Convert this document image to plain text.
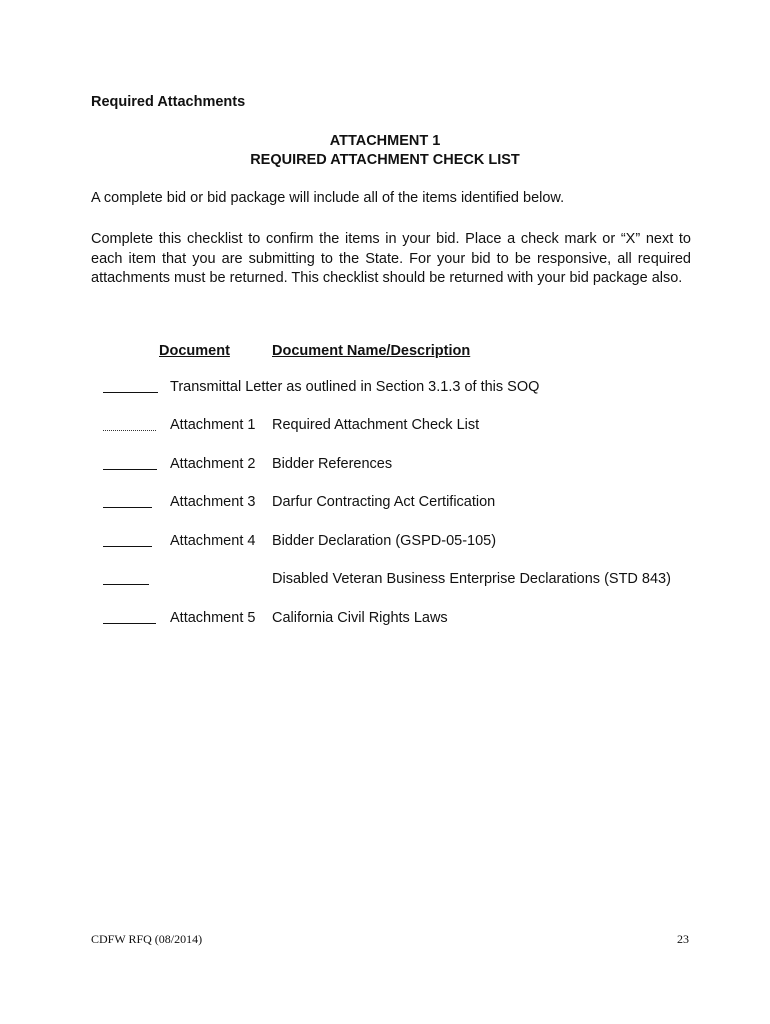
Required Attachments
ATTACHMENT 1
REQUIRED ATTACHMENT CHECK LIST
A complete bid or bid package will include all of the items identified below.
Complete this checklist to confirm the items in your bid. Place a check mark or “X” next to each item that you are submitting to the State. For your bid to be responsive, all required attachments must be returned. This checklist should be returned with your bid package also.
Document	Document Name/Description
Transmittal Letter as outlined in Section 3.1.3 of this SOQ
Attachment 1 Required Attachment Check List
Attachment 2 Bidder References
Attachment 3 Darfur Contracting Act Certification
Attachment 4 Bidder Declaration (GSPD-05-105)
Disabled Veteran Business Enterprise Declarations (STD 843)
Attachment 5 California Civil Rights Laws
CDFW RFQ (08/2014)	23
